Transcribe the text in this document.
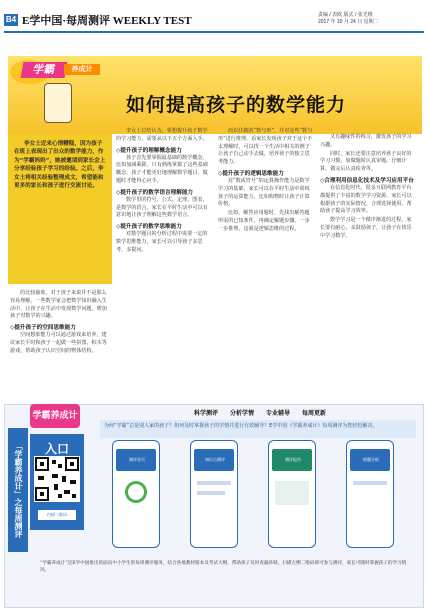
B4 E学中国·每周测评 WEEKLY TEST	责编 / 表欧 版式 / 张光维
2017 年 10 月 24 日 星期二
学霸	养成计
如何提高孩子的数学能力
李女士近来心情糟糕，因为孩子在班上表现出了出众的数学能力，作为“学霸妈妈”，她被邀请到家长会上分享经验孩子学习的经验。之后，李女士将相关经验整理成文，希望能和更多的家长和孩子进行交流讨论。

的比较抽象，对于孩子来说并不是那么容易理解，一些数学家会把数学知识融入生活中，让孩子在生活中发现数学问题，增加孩子对数学的兴趣。

◇提升孩子的空间思维能力

空间想象能力可以通过游戏来培养，建议家长平时和孩子一起做一些拼图、积木等游戏，帮助孩子认识空间的物体结构。

李女士总结认为，要想提升孩子数学的学习能力，需要从以下五个方面入手。

◇提升孩子的理解概念能力

孩子首先要掌握最基础的数学概念，比如加减乘除，只有熟练掌握了这些基础概念，孩子才能更好地理解数学题目，做题时才能得心应手。

◇提升孩子的数学语言理解能力

数学里的符号、公式、定理、图表，是数学的语言。家长在平时生活中可以有意识地让孩子理解这些数学语言。

◇提升孩子的数学思维能力

对数学题目的分析过程中需要一定的数学思维能力，家长可以引导孩子多思考，多提问。

而以往做的“数与形”，并对这些“数与形”进行推理，看家长发现孩子对于这个不太理解时，可以找一个生活中相关的例子让孩子自己动手去做，培养孩子的独立思考能力。

◇提升孩子的逻辑思维能力

对“数或符号”的运算操作能力是数学学习的基础，家长可以在平时生活中训练孩子的运算能力，比如购物时让孩子计算价格。

比如，解答应用题时，先找出解答题所需的已知条件，再确定解题步骤，一步一步推理，这就是逻辑思维的过程。

又有趣味性的练习，激发孩子的学习兴趣。

同时，家长还要注意培养孩子良好的学习习惯，如做题时认真审题、仔细计算、做完后认真检查等。

◇合理利用信息化技术及学习应用平台

在信息化时代，很多互联网教育平台都提供了丰富的数学学习资源，家长可以根据孩子的实际情况，合理选择使用，帮助孩子提高学习效率。

数学学习是一个循序渐进的过程，家长要有耐心，多鼓励孩子，让孩子在快乐中学习数学。

「学霸养成计」之每周测评
学霸养成计
入口
扫描二维码
科学测评 分析学情 专业辅导 每周更新
为何“学霸”总是别人家的孩子？如何及时掌握孩子的学情并进行有效辅导？E学中国《学霸养成计》每周测评为您轻松解决。
测评首页	知识点测评	测评报告	错题分析
“学霸养成计”是E学中国推出的面向中小学生的每周测评服务，结合各地教材版本及考试大纲，帮助孩子及时查漏补缺。扫描左侧二维码即可参与测评，家长可随时掌握孩子的学习情况。
